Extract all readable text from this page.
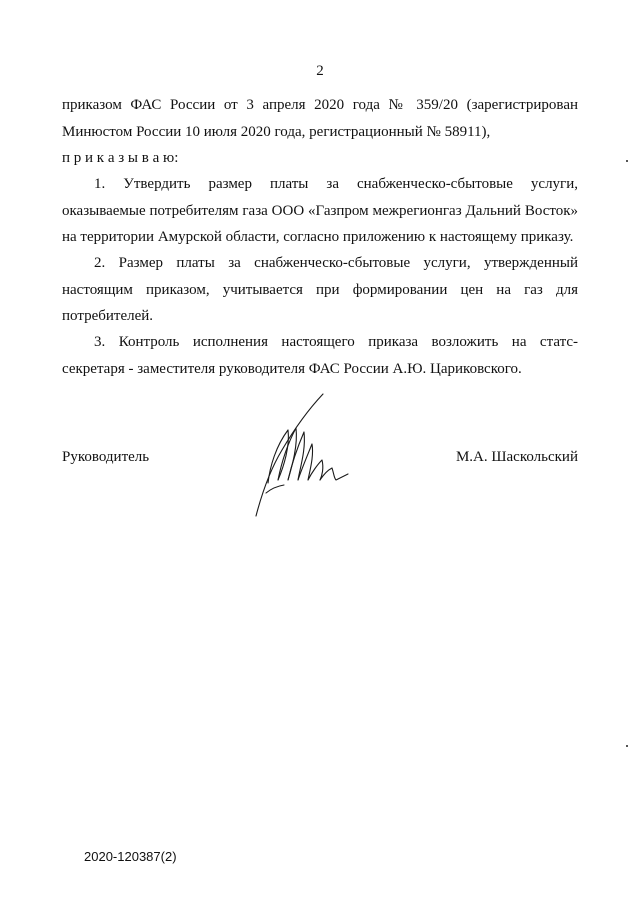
2
приказом ФАС России от 3 апреля 2020 года № 359/20 (зарегистрирован
Минюстом России 10 июля 2020 года, регистрационный № 58911),
п р и к а з ы в а ю:
1. Утвердить размер платы за снабженческо-сбытовые услуги,
оказываемые потребителям газа ООО «Газпром межрегионгаз Дальний Восток»
на территории Амурской области, согласно приложению к настоящему приказу.
2. Размер платы за снабженческо-сбытовые услуги, утвержденный
настоящим приказом, учитывается при формировании цен на газ для
потребителей.
3. Контроль исполнения настоящего приказа возложить на статс-
секретаря - заместителя руководителя ФАС России А.Ю. Цариковского.
Руководитель	М.А. Шаскольский
2020-120387(2)
